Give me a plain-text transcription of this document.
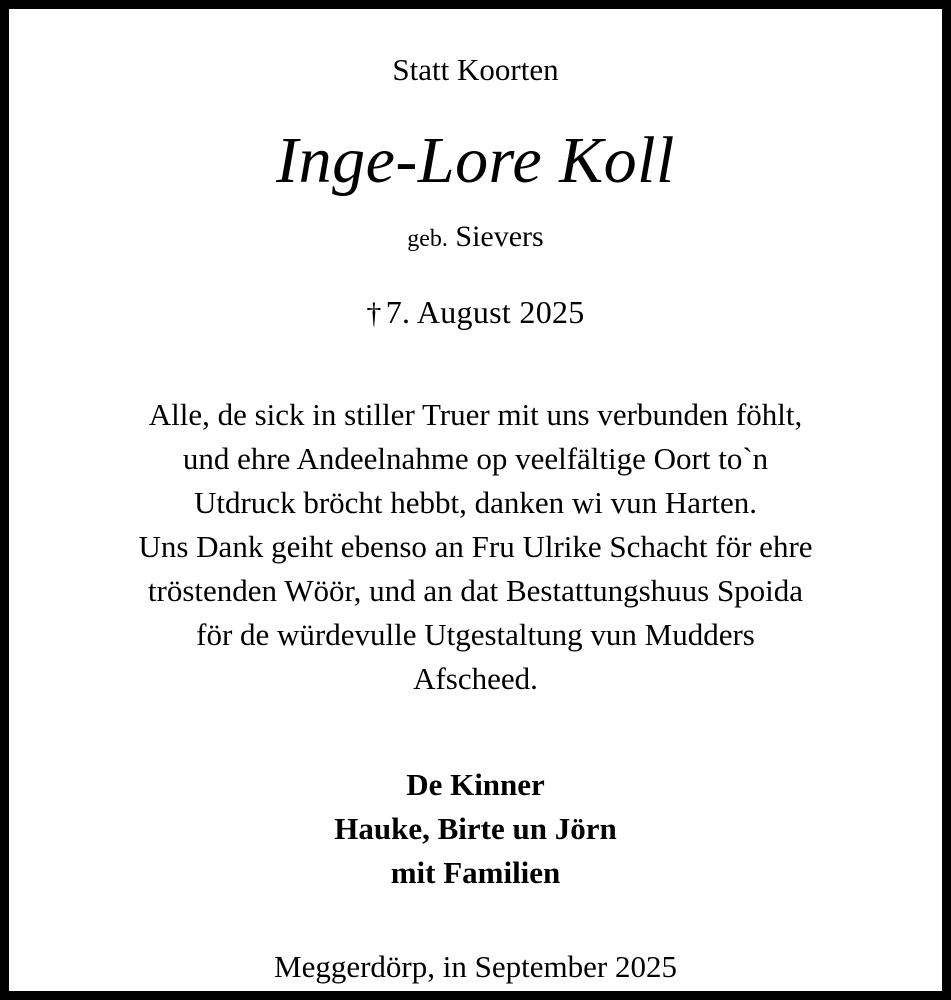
Statt Koorten
Inge-Lore Koll
geb. Sievers
† 7. August 2025
Alle, de sick in stiller Truer mit uns verbunden föhlt,
und ehre Andeelnahme op veelfältige Oort to`n
Utdruck bröcht hebbt, danken wi vun Harten.
Uns Dank geiht ebenso an Fru Ulrike Schacht för ehre
tröstenden Wöör, und an dat Bestattungshuus Spoida
för de würdevulle Utgestaltung vun Mudders
Afscheed.
De Kinner
Hauke, Birte un Jörn
mit Familien
Meggerdörp, in September 2025
